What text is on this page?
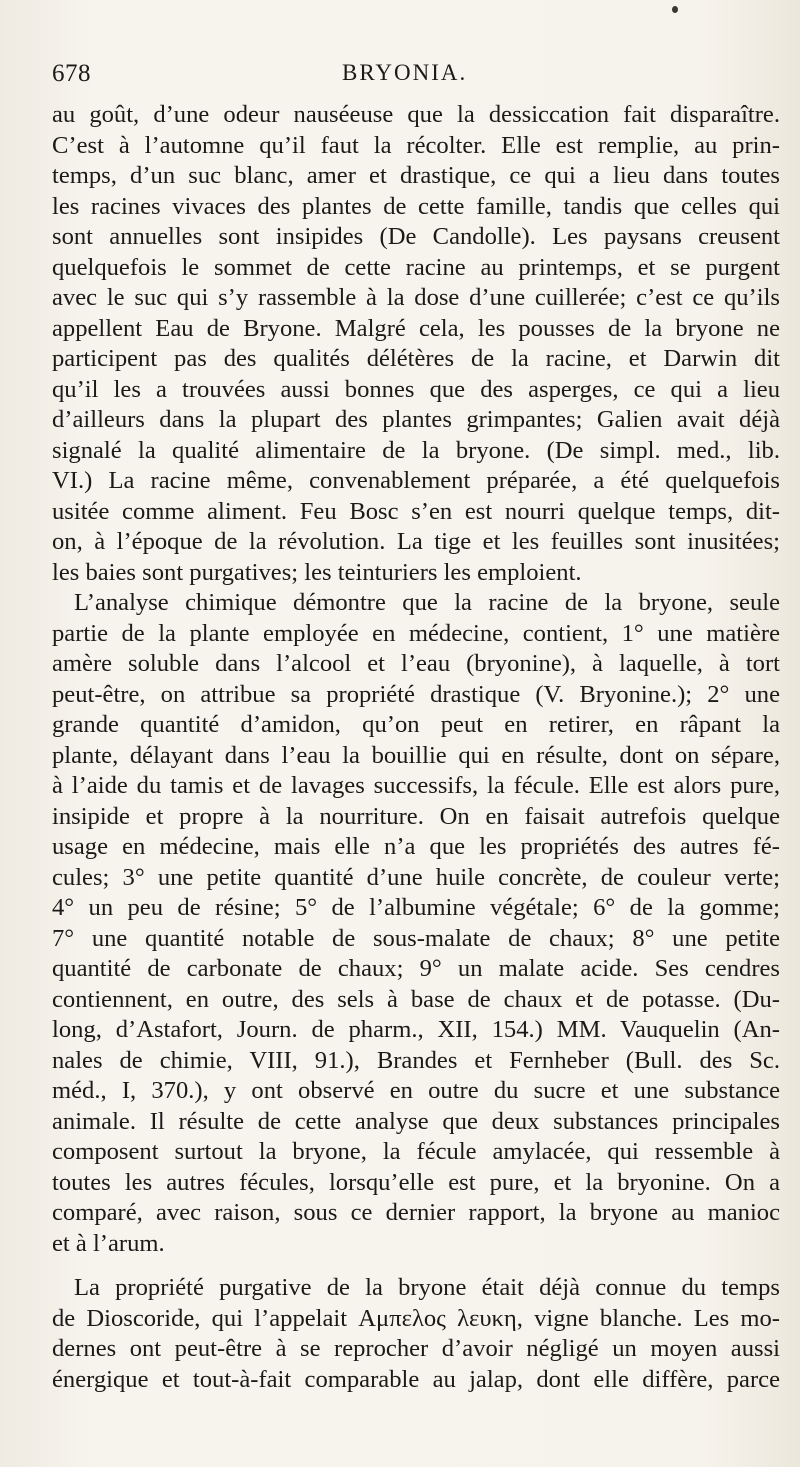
678	BRYONIA.
au goût, d’une odeur nauséeuse que la dessiccation fait disparaître.
C’est à l’automne qu’il faut la récolter. Elle est remplie, au prin-
temps, d’un suc blanc, amer et drastique, ce qui a lieu dans toutes
les racines vivaces des plantes de cette famille, tandis que celles qui
sont annuelles sont insipides (De Candolle). Les paysans creusent
quelquefois le sommet de cette racine au printemps, et se purgent
avec le suc qui s’y rassemble à la dose d’une cuillerée; c’est ce qu’ils
appellent Eau de Bryone. Malgré cela, les pousses de la bryone ne
participent pas des qualités délétères de la racine, et Darwin dit
qu’il les a trouvées aussi bonnes que des asperges, ce qui a lieu
d’ailleurs dans la plupart des plantes grimpantes; Galien avait déjà
signalé la qualité alimentaire de la bryone. (De simpl. med., lib.
VI.) La racine même, convenablement préparée, a été quelquefois
usitée comme aliment. Feu Bosc s’en est nourri quelque temps, dit-
on, à l’époque de la révolution. La tige et les feuilles sont inusitées;
les baies sont purgatives; les teinturiers les emploient.
L’analyse chimique démontre que la racine de la bryone, seule
partie de la plante employée en médecine, contient, 1° une matière
amère soluble dans l’alcool et l’eau (bryonine), à laquelle, à tort
peut-être, on attribue sa propriété drastique (V. Bryonine.); 2° une
grande quantité d’amidon, qu’on peut en retirer, en râpant la
plante, délayant dans l’eau la bouillie qui en résulte, dont on sépare,
à l’aide du tamis et de lavages successifs, la fécule. Elle est alors pure,
insipide et propre à la nourriture. On en faisait autrefois quelque
usage en médecine, mais elle n’a que les propriétés des autres fé-
cules; 3° une petite quantité d’une huile concrète, de couleur verte;
4° un peu de résine; 5° de l’albumine végétale; 6° de la gomme;
7° une quantité notable de sous-malate de chaux; 8° une petite
quantité de carbonate de chaux; 9° un malate acide. Ses cendres
contiennent, en outre, des sels à base de chaux et de potasse. (Du-
long, d’Astafort, Journ. de pharm., XII, 154.) MM. Vauquelin (An-
nales de chimie, VIII, 91.), Brandes et Fernheber (Bull. des Sc.
méd., I, 370.), y ont observé en outre du sucre et une substance
animale. Il résulte de cette analyse que deux substances principales
composent surtout la bryone, la fécule amylacée, qui ressemble à
toutes les autres fécules, lorsqu’elle est pure, et la bryonine. On a
comparé, avec raison, sous ce dernier rapport, la bryone au manioc
et à l’arum.
La propriété purgative de la bryone était déjà connue du temps
de Dioscoride, qui l’appelait Αμπελος λευκη, vigne blanche. Les mo-
dernes ont peut-être à se reprocher d’avoir négligé un moyen aussi
énergique et tout-à-fait comparable au jalap, dont elle diffère, parce
